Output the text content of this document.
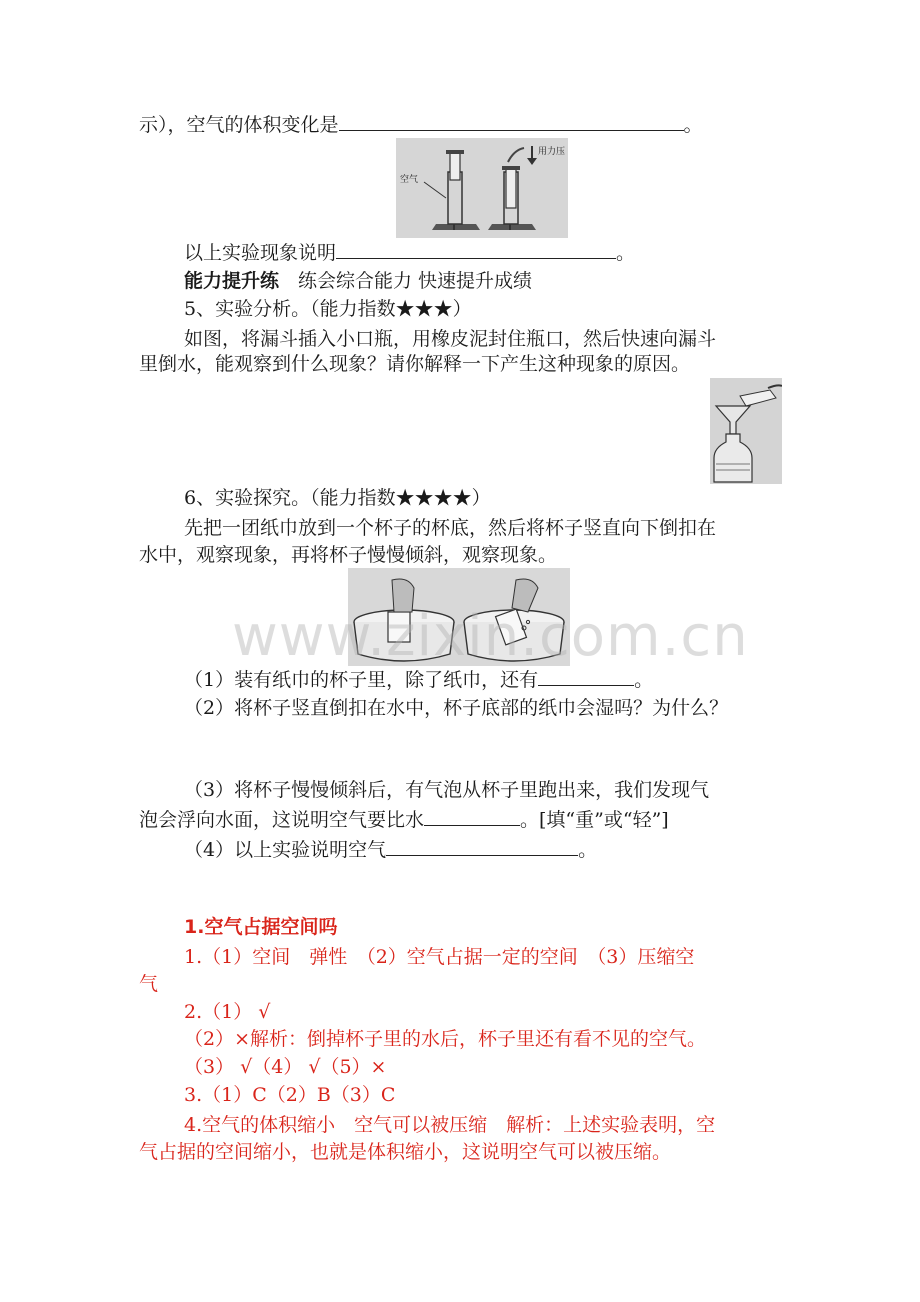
示），空气的体积变化是	。
空气
用力压
以上实验现象说明	。
能力提升练　练会综合能力 快速提升成绩
5、实验分析。（能力指数★★★）
如图，将漏斗插入小口瓶，用橡皮泥封住瓶口，然后快速向漏斗
里倒水，能观察到什么现象？请你解释一下产生这种现象的原因。
6、实验探究。（能力指数★★★★）
先把一团纸巾放到一个杯子的杯底，然后将杯子竖直向下倒扣在
水中，观察现象，再将杯子慢慢倾斜，观察现象。
www.zixin.com.cn
（1）装有纸巾的杯子里，除了纸巾，还有	。
（2）将杯子竖直倒扣在水中，杯子底部的纸巾会湿吗？为什么？
（3）将杯子慢慢倾斜后，有气泡从杯子里跑出来，我们发现气
泡会浮向水面，这说明空气要比水	。[填“重”或“轻”]
（4）以上实验说明空气	。
1.空气占据空间吗
1.（1）空间　弹性　（2）空气占据一定的空间　（3）压缩空
气
2.（1） √
（2）×解析：倒掉杯子里的水后，杯子里还有看不见的空气。
（3） √（4） √（5）×
3.（1）C（2）B（3）C
4.空气的体积缩小　空气可以被压缩　解析：上述实验表明，空
气占据的空间缩小，也就是体积缩小，这说明空气可以被压缩。
